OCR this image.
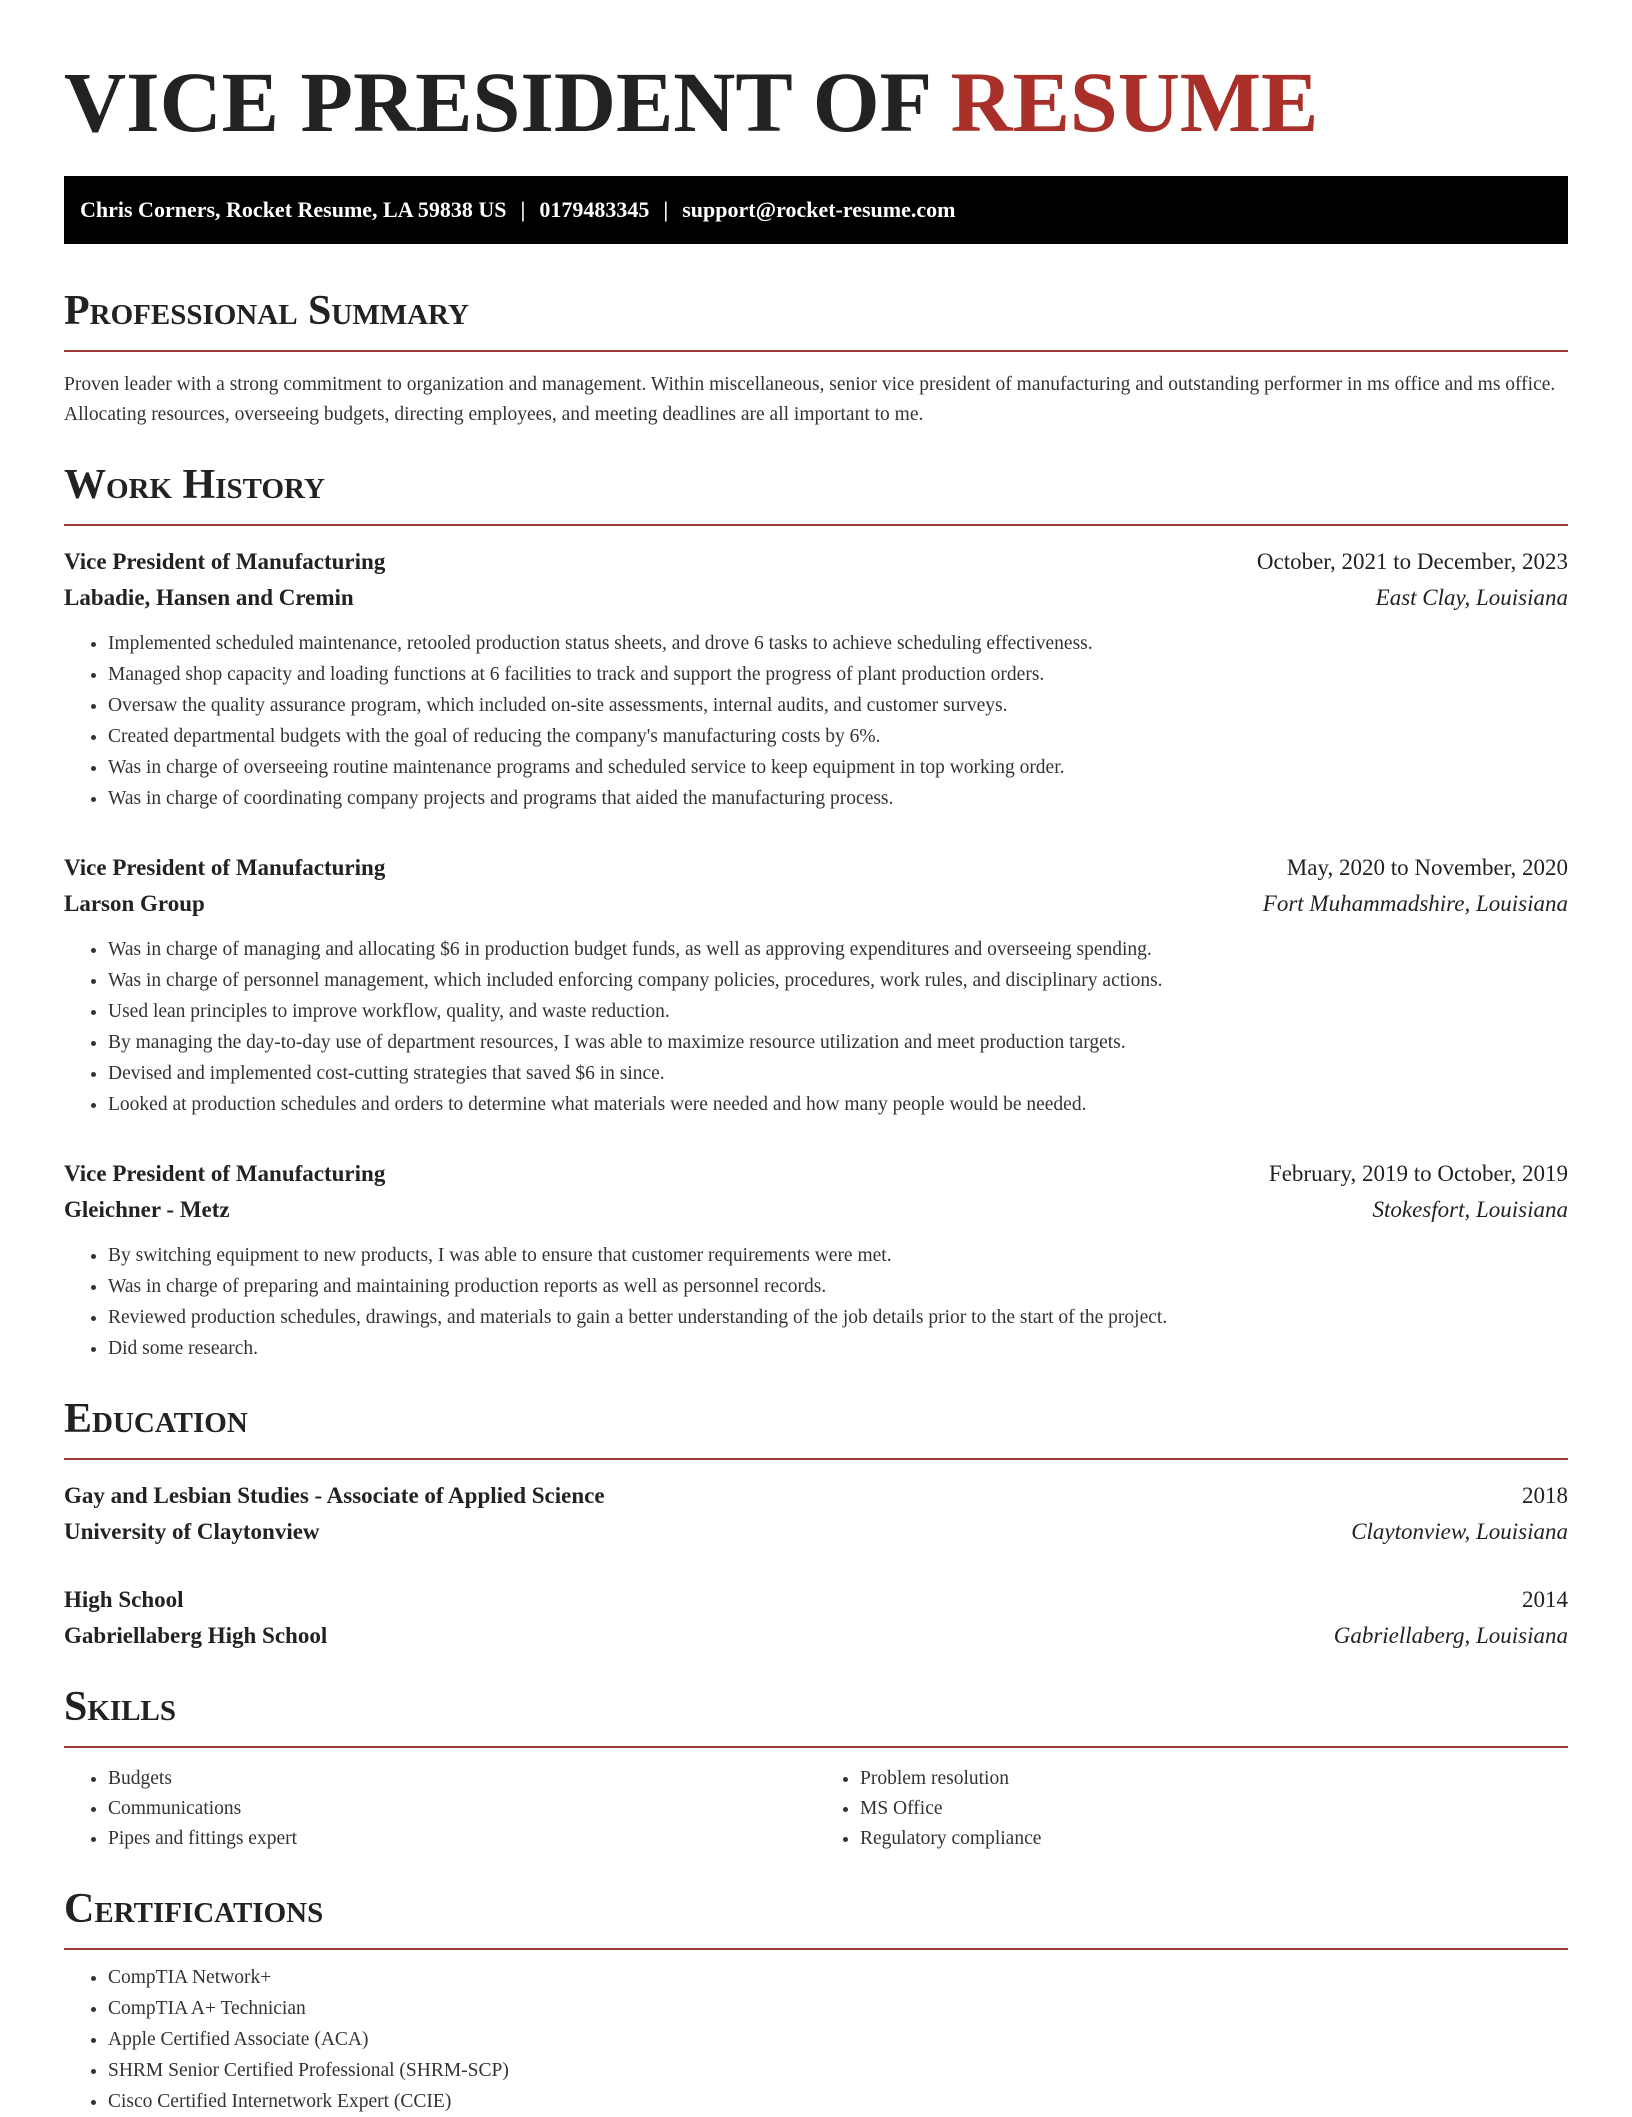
VICE PRESIDENT OF RESUME
Chris Corners, Rocket Resume, LA 59838 US | 0179483345 | support@rocket-resume.com
Professional Summary

Proven leader with a strong commitment to organization and management. Within miscellaneous, senior vice president of manufacturing and outstanding performer in ms office and ms office. Allocating resources, overseeing budgets, directing employees, and meeting deadlines are all important to me.

Work History
Vice President of Manufacturing	October, 2021 to December, 2023
Labadie, Hansen and Cremin	East Clay, Louisiana
• Implemented scheduled maintenance, retooled production status sheets, and drove 6 tasks to achieve scheduling effectiveness.
• Managed shop capacity and loading functions at 6 facilities to track and support the progress of plant production orders.
• Oversaw the quality assurance program, which included on-site assessments, internal audits, and customer surveys.
• Created departmental budgets with the goal of reducing the company's manufacturing costs by 6%.
• Was in charge of overseeing routine maintenance programs and scheduled service to keep equipment in top working order.
• Was in charge of coordinating company projects and programs that aided the manufacturing process.
Vice President of Manufacturing	May, 2020 to November, 2020
Larson Group	Fort Muhammadshire, Louisiana
• Was in charge of managing and allocating $6 in production budget funds, as well as approving expenditures and overseeing spending.
• Was in charge of personnel management, which included enforcing company policies, procedures, work rules, and disciplinary actions.
• Used lean principles to improve workflow, quality, and waste reduction.
• By managing the day-to-day use of department resources, I was able to maximize resource utilization and meet production targets.
• Devised and implemented cost-cutting strategies that saved $6 in since.
• Looked at production schedules and orders to determine what materials were needed and how many people would be needed.
Vice President of Manufacturing	February, 2019 to October, 2019
Gleichner - Metz	Stokesfort, Louisiana
• By switching equipment to new products, I was able to ensure that customer requirements were met.
• Was in charge of preparing and maintaining production reports as well as personnel records.
• Reviewed production schedules, drawings, and materials to gain a better understanding of the job details prior to the start of the project.
• Did some research.
Education
Gay and Lesbian Studies - Associate of Applied Science	2018
University of Claytonview	Claytonview, Louisiana
High School	2014
Gabriellaberg High School	Gabriellaberg, Louisiana
Skills
• Budgets
• Communications
• Pipes and fittings expert
• Problem resolution
• MS Office
• Regulatory compliance
Certifications
• CompTIA Network+
• CompTIA A+ Technician
• Apple Certified Associate (ACA)
• SHRM Senior Certified Professional (SHRM-SCP)
• Cisco Certified Internetwork Expert (CCIE)
